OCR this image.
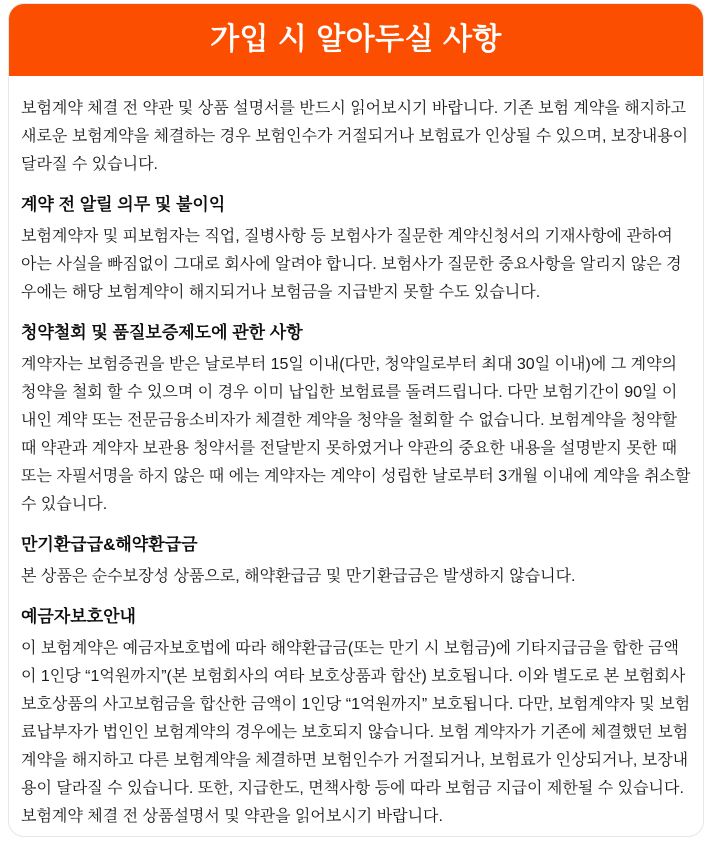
가입 시 알아두실 사항

보험계약 체결 전 약관 및 상품 설명서를 반드시 읽어보시기 바랍니다. 기존 보험 계약을 해지하고 새로운 보험계약을 체결하는 경우 보험인수가 거절되거나 보험료가 인상될 수 있으며, 보장내용이 달라질 수 있습니다.

계약 전 알릴 의무 및 불이익

보험계약자 및 피보험자는 직업, 질병사항 등 보험사가 질문한 계약신청서의 기재사항에 관하여 아는 사실을 빠짐없이 그대로 회사에 알려야 합니다. 보험사가 질문한 중요사항을 알리지 않은 경우에는 해당 보험계약이 해지되거나 보험금을 지급받지 못할 수도 있습니다.

청약철회 및 품질보증제도에 관한 사항

계약자는 보험증권을 받은 날로부터 15일 이내(다만, 청약일로부터 최대 30일 이내)에 그 계약의 청약을 철회 할 수 있으며 이 경우 이미 납입한 보험료를 돌려드립니다. 다만 보험기간이 90일 이내인 계약 또는 전문금융소비자가 체결한 계약을 청약을 철회할 수 없습니다. 보험계약을 청약할 때 약관과 계약자 보관용 청약서를 전달받지 못하였거나 약관의 중요한 내용을 설명받지 못한 때 또는 자필서명을 하지 않은 때 에는 계약자는 계약이 성립한 날로부터 3개월 이내에 계약을 취소할 수 있습니다.

만기환급급&해약환급금

본 상품은 순수보장성 상품으로, 해약환급금 및 만기환급금은 발생하지 않습니다.

예금자보호안내

이 보험계약은 예금자보호법에 따라 해약환급금(또는 만기 시 보험금)에 기타지급금을 합한 금액이 1인당 “1억원까지”(본 보험회사의 여타 보호상품과 합산) 보호됩니다. 이와 별도로 본 보험회사 보호상품의 사고보험금을 합산한 금액이 1인당 “1억원까지” 보호됩니다. 다만, 보험계약자 및 보험료납부자가 법인인 보험계약의 경우에는 보호되지 않습니다. 보험 계약자가 기존에 체결했던 보험계약을 해지하고 다른 보험계약을 체결하면 보험인수가 거절되거나, 보험료가 인상되거나, 보장내용이 달라질 수 있습니다. 또한, 지급한도, 면책사항 등에 따라 보험금 지급이 제한될 수 있습니다. 보험계약 체결 전 상품설명서 및 약관을 읽어보시기 바랍니다.
